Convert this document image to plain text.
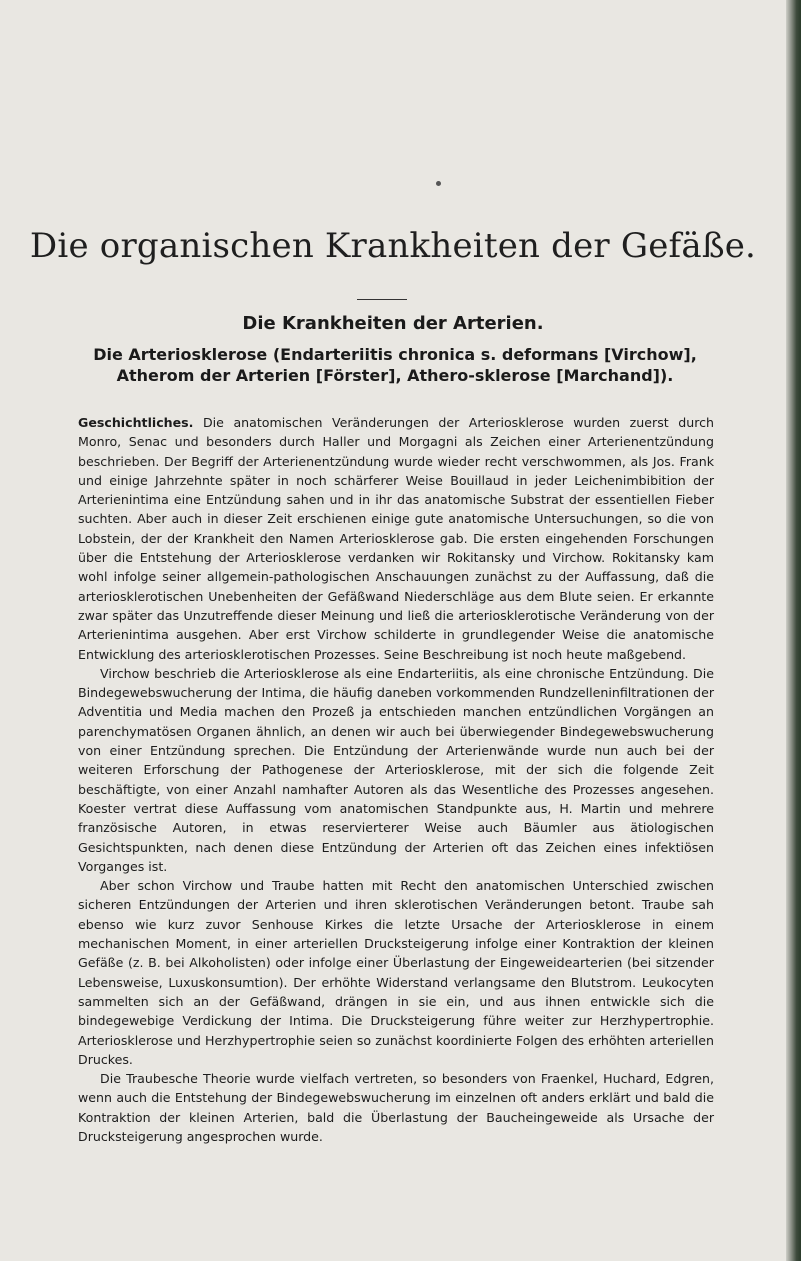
Die organischen Krankheiten der Gefäße.
Die Krankheiten der Arterien.
Die Arteriosklerose (Endarteriitis chronica s. deformans [Virchow], Atherom der Arterien [Förster], Athero-sklerose [Marchand]).

Geschichtliches. Die anatomischen Veränderungen der Arteriosklerose wurden zuerst durch Monro, Senac und besonders durch Haller und Morgagni als Zeichen einer Arterienentzündung beschrieben. Der Begriff der Arterienentzündung wurde wieder recht verschwommen, als Jos. Frank und einige Jahrzehnte später in noch schärferer Weise Bouillaud in jeder Leichenimbibition der Arterienintima eine Entzündung sahen und in ihr das anatomische Substrat der essentiellen Fieber suchten. Aber auch in dieser Zeit erschienen einige gute anatomische Untersuchungen, so die von Lobstein, der der Krankheit den Namen Arteriosklerose gab. Die ersten eingehenden Forschungen über die Entstehung der Arteriosklerose verdanken wir Rokitansky und Virchow. Rokitansky kam wohl infolge seiner allgemein-pathologischen Anschauungen zunächst zu der Auffassung, daß die arteriosklerotischen Unebenheiten der Gefäßwand Niederschläge aus dem Blute seien. Er erkannte zwar später das Unzutreffende dieser Meinung und ließ die arteriosklerotische Veränderung von der Arterienintima ausgehen. Aber erst Virchow schilderte in grundlegender Weise die anatomische Entwicklung des arteriosklerotischen Prozesses. Seine Beschreibung ist noch heute maßgebend.

Virchow beschrieb die Arteriosklerose als eine Endarteriitis, als eine chronische Entzündung. Die Bindegewebswucherung der Intima, die häufig daneben vorkommenden Rundzelleninfiltrationen der Adventitia und Media machen den Prozeß ja entschieden manchen entzündlichen Vorgängen an parenchymatösen Organen ähnlich, an denen wir auch bei überwiegender Bindegewebswucherung von einer Entzündung sprechen. Die Entzündung der Arterienwände wurde nun auch bei der weiteren Erforschung der Pathogenese der Arteriosklerose, mit der sich die folgende Zeit beschäftigte, von einer Anzahl namhafter Autoren als das Wesentliche des Prozesses angesehen. Koester vertrat diese Auffassung vom anatomischen Standpunkte aus, H. Martin und mehrere französische Autoren, in etwas reservierterer Weise auch Bäumler aus ätiologischen Gesichtspunkten, nach denen diese Entzündung der Arterien oft das Zeichen eines infektiösen Vorganges ist.

Aber schon Virchow und Traube hatten mit Recht den anatomischen Unterschied zwischen sicheren Entzündungen der Arterien und ihren sklerotischen Veränderungen betont. Traube sah ebenso wie kurz zuvor Senhouse Kirkes die letzte Ursache der Arteriosklerose in einem mechanischen Moment, in einer arteriellen Drucksteigerung infolge einer Kontraktion der kleinen Gefäße (z. B. bei Alkoholisten) oder infolge einer Überlastung der Eingeweidearterien (bei sitzender Lebensweise, Luxuskonsumtion). Der erhöhte Widerstand verlangsame den Blutstrom. Leukocyten sammelten sich an der Gefäßwand, drängen in sie ein, und aus ihnen entwickle sich die bindegewebige Verdickung der Intima. Die Drucksteigerung führe weiter zur Herzhypertrophie. Arteriosklerose und Herzhypertrophie seien so zunächst koordinierte Folgen des erhöhten arteriellen Druckes.

Die Traubesche Theorie wurde vielfach vertreten, so besonders von Fraenkel, Huchard, Edgren, wenn auch die Entstehung der Bindegewebswucherung im einzelnen oft anders erklärt und bald die Kontraktion der kleinen Arterien, bald die Überlastung der Baucheingeweide als Ursache der Drucksteigerung angesprochen wurde.
